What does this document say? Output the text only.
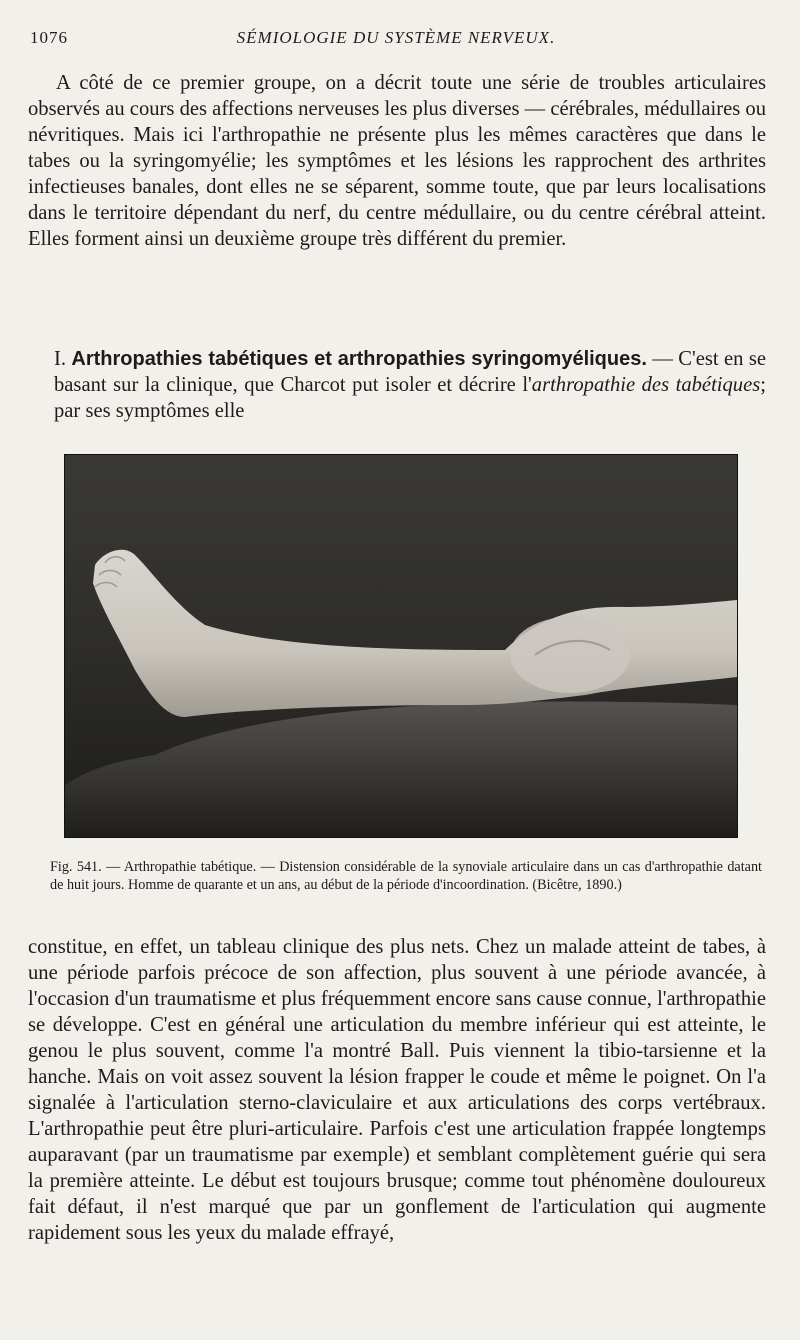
1076	SÉMIOLOGIE DU SYSTÈME NERVEUX.

A côté de ce premier groupe, on a décrit toute une série de troubles articulaires observés au cours des affections nerveuses les plus diverses — cérébrales, médullaires ou névritiques. Mais ici l'arthropathie ne présente plus les mêmes caractères que dans le tabes ou la syringomyélie; les symptômes et les lésions les rapprochent des arthrites infectieuses banales, dont elles ne se séparent, somme toute, que par leurs localisations dans le territoire dépendant du nerf, du centre médullaire, ou du centre cérébral atteint. Elles forment ainsi un deuxième groupe très différent du premier.

I. Arthropathies tabétiques et arthropathies syringomyéliques. — C'est en se basant sur la clinique, que Charcot put isoler et décrire l'arthropathie des tabétiques; par ses symptômes elle

Fig. 541. — Arthropathie tabétique. — Distension considérable de la synoviale articulaire dans un cas d'arthropathie datant de huit jours. Homme de quarante et un ans, au début de la période d'incoordination. (Bicêtre, 1890.)

constitue, en effet, un tableau clinique des plus nets. Chez un malade atteint de tabes, à une période parfois précoce de son affection, plus souvent à une période avancée, à l'occasion d'un traumatisme et plus fréquemment encore sans cause connue, l'arthropathie se développe. C'est en général une articulation du membre inférieur qui est atteinte, le genou le plus souvent, comme l'a montré Ball. Puis viennent la tibio-tarsienne et la hanche. Mais on voit assez souvent la lésion frapper le coude et même le poignet. On l'a signalée à l'articulation sterno-claviculaire et aux articulations des corps vertébraux. L'arthropathie peut être pluri-articulaire. Parfois c'est une articulation frappée longtemps auparavant (par un traumatisme par exemple) et semblant complètement guérie qui sera la première atteinte. Le début est toujours brusque; comme tout phénomène douloureux fait défaut, il n'est marqué que par un gonflement de l'articulation qui augmente rapidement sous les yeux du malade effrayé,
